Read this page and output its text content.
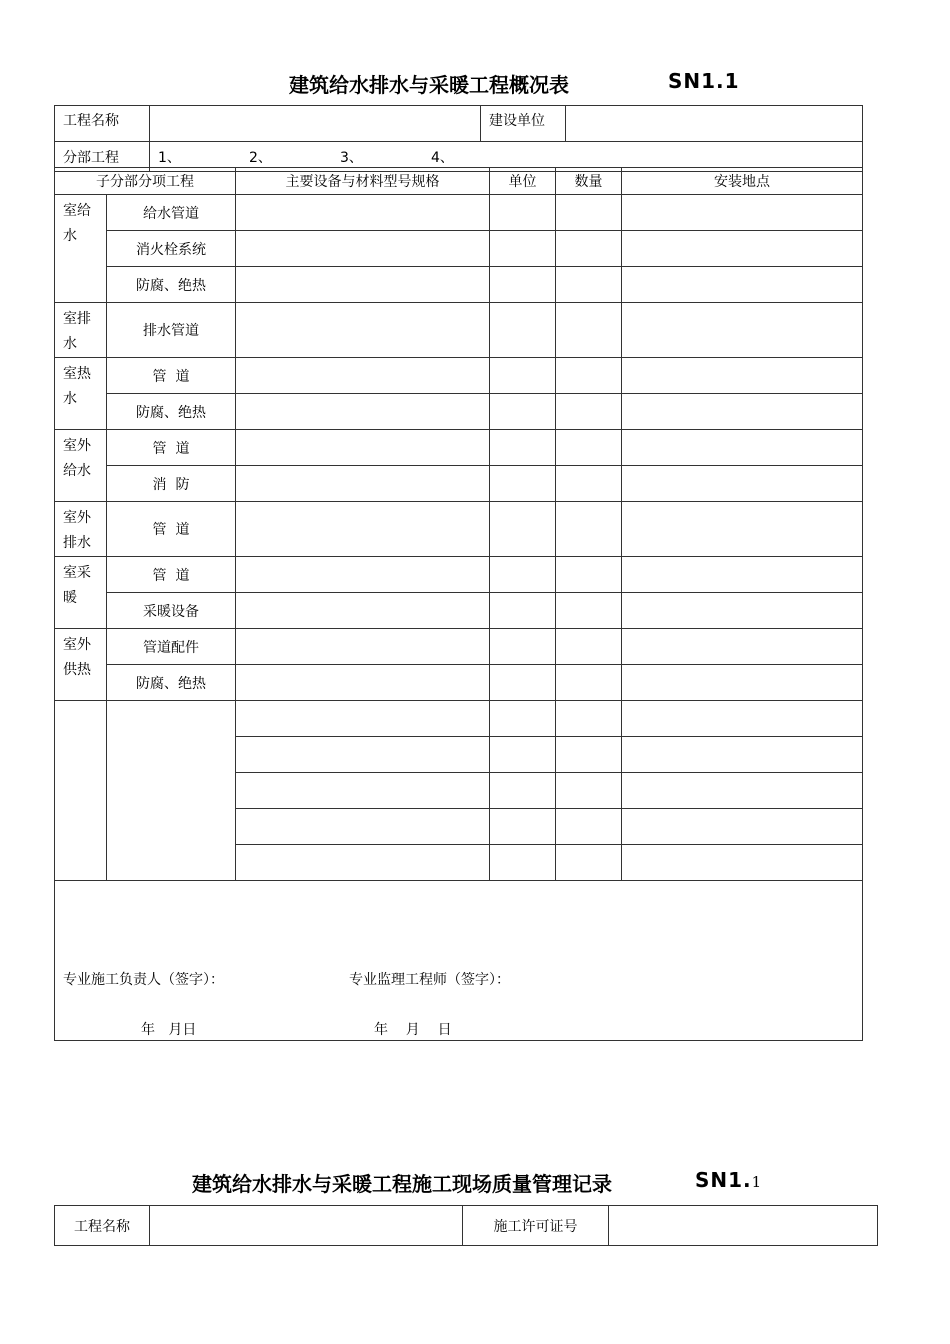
建筑给水排水与采暖工程概况表	SN1.1
工程名称		建设单位	
分部工程	1、 2、 3、 4、		
子分部分项工程		主要设备与材料型号规格	单位	数量	安装地点
室给水	给水管道				
	消火栓系统				
	防腐、绝热				
室排水	排水管道				
室热水	管  道				
	防腐、绝热				
室外给水	管  道				
	消  防				
室外排水	管  道				
室采暖	管  道				
	采暖设备				
室外供热	管道配件				
	防腐、绝热				

专业施工负责人（签字）： 专业监理工程师（签字）：
年   月日 年    月    日					
建筑给水排水与采暖工程施工现场质量管理记录	SN1.1
工程名称		施工许可证号	
